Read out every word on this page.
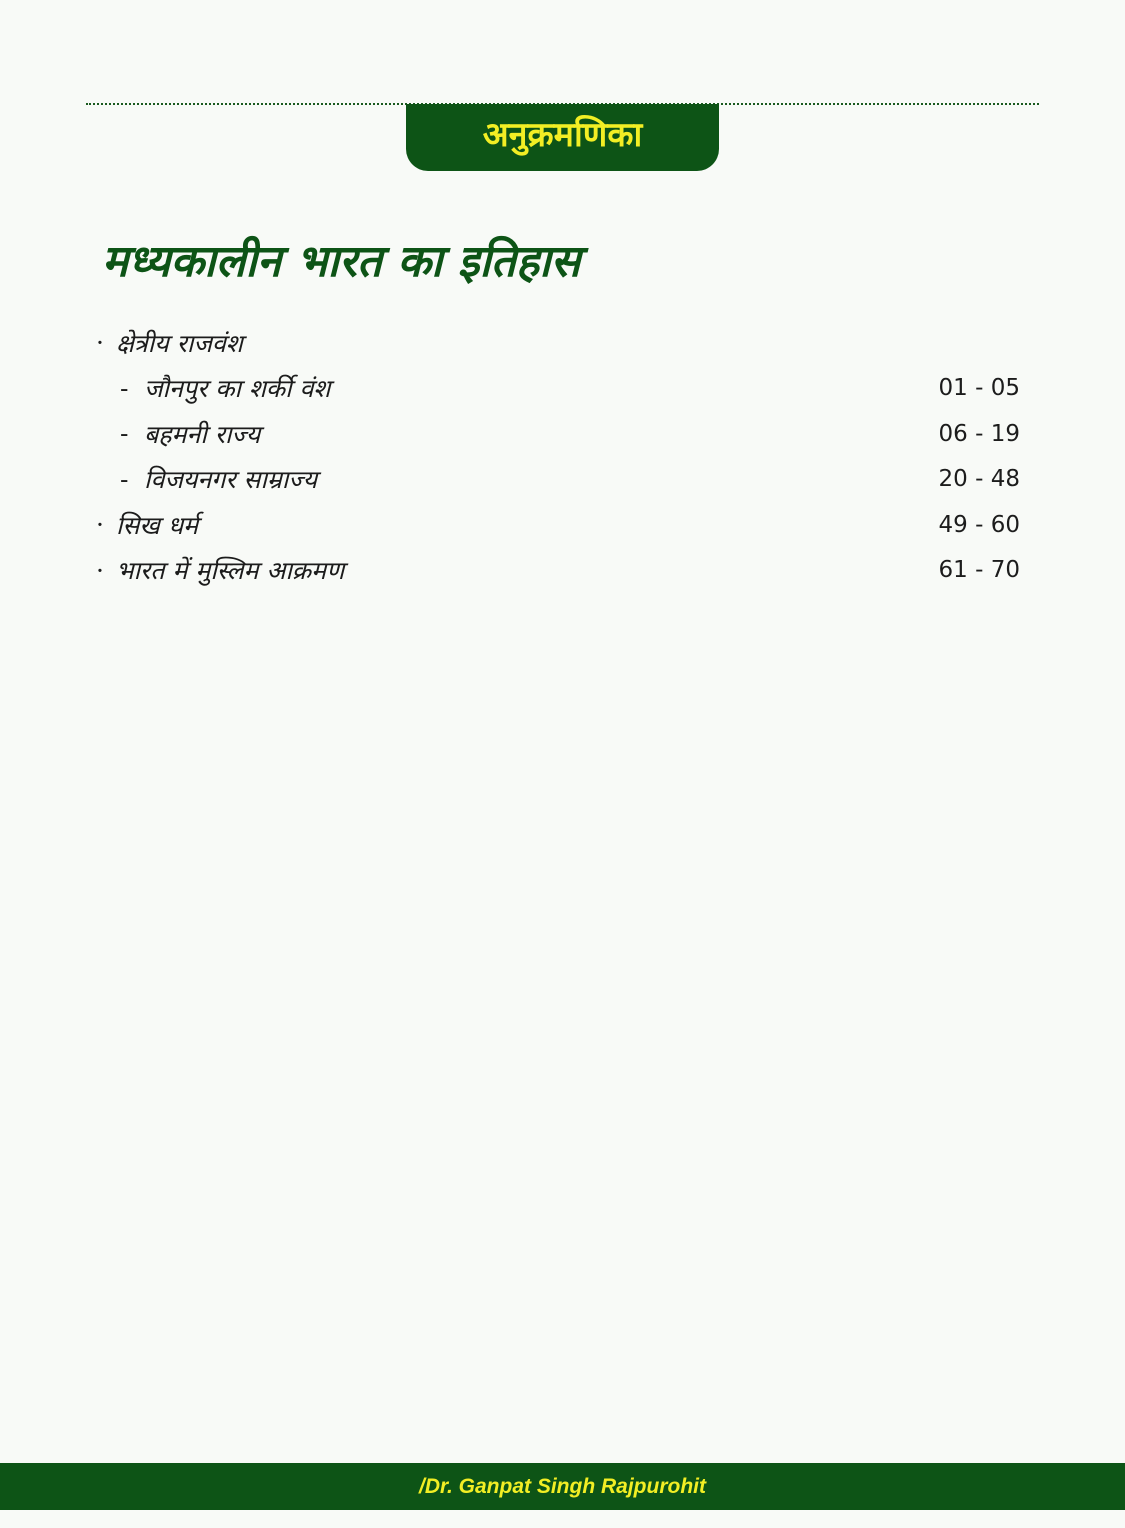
अनुक्रमणिका
मध्यकालीन भारत का इतिहास
· क्षेत्रीय राजवंश
- जौनपुर का शर्की वंश	01 - 05
- बहमनी राज्य	06 - 19
- विजयनगर साम्राज्य	20 - 48
· सिख धर्म	49 - 60
· भारत में मुस्लिम आक्रमण	61 - 70
/Dr. Ganpat Singh Rajpurohit
